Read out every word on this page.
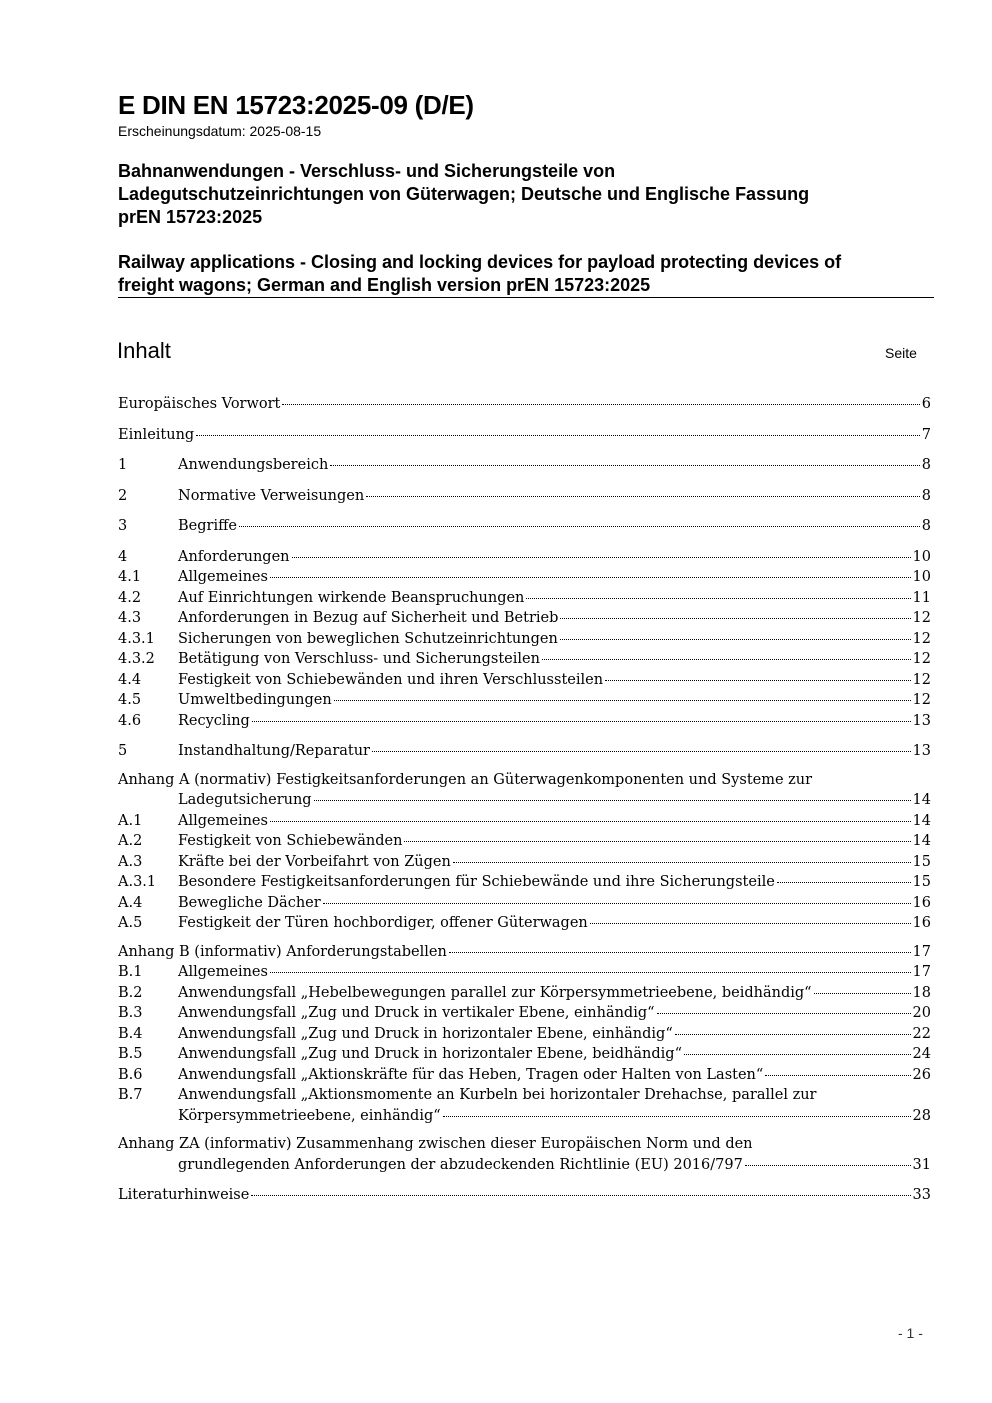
E DIN EN 15723:2025-09 (D/E)
Erscheinungsdatum: 2025-08-15
Bahnanwendungen - Verschluss- und Sicherungsteile von
Ladegutschutzeinrichtungen von Güterwagen; Deutsche und Englische Fassung
prEN 15723:2025
Railway applications - Closing and locking devices for payload protecting devices of
freight wagons; German and English version prEN 15723:2025
Inhalt	Seite
Europäisches Vorwort	6
Einleitung	7
1	Anwendungsbereich	8
2	Normative Verweisungen	8
3	Begriffe	8
4	Anforderungen	10
4.1	Allgemeines	10
4.2	Auf Einrichtungen wirkende Beanspruchungen	11
4.3	Anforderungen in Bezug auf Sicherheit und Betrieb	12
4.3.1	Sicherungen von beweglichen Schutzeinrichtungen	12
4.3.2	Betätigung von Verschluss- und Sicherungsteilen	12
4.4	Festigkeit von Schiebewänden und ihren Verschlussteilen	12
4.5	Umweltbedingungen	12
4.6	Recycling	13
5	Instandhaltung/Reparatur	13
Anhang A (normativ) Festigkeitsanforderungen an Güterwagenkomponenten und Systeme zur
Ladegutsicherung	14
A.1	Allgemeines	14
A.2	Festigkeit von Schiebewänden	14
A.3	Kräfte bei der Vorbeifahrt von Zügen	15
A.3.1	Besondere Festigkeitsanforderungen für Schiebewände und ihre Sicherungsteile	15
A.4	Bewegliche Dächer	16
A.5	Festigkeit der Türen hochbordiger, offener Güterwagen	16
Anhang B (informativ) Anforderungstabellen	17
B.1	Allgemeines	17
B.2	Anwendungsfall „Hebelbewegungen parallel zur Körpersymmetrieebene, beidhändig“	18
B.3	Anwendungsfall „Zug und Druck in vertikaler Ebene, einhändig“	20
B.4	Anwendungsfall „Zug und Druck in horizontaler Ebene, einhändig“	22
B.5	Anwendungsfall „Zug und Druck in horizontaler Ebene, beidhändig“	24
B.6	Anwendungsfall „Aktionskräfte für das Heben, Tragen oder Halten von Lasten“	26
B.7	Anwendungsfall „Aktionsmomente an Kurbeln bei horizontaler Drehachse, parallel zur
Körpersymmetrieebene, einhändig“	28
Anhang ZA (informativ) Zusammenhang zwischen dieser Europäischen Norm und den
grundlegenden Anforderungen der abzudeckenden Richtlinie (EU) 2016/797	31
Literaturhinweise	33
- 1 -
